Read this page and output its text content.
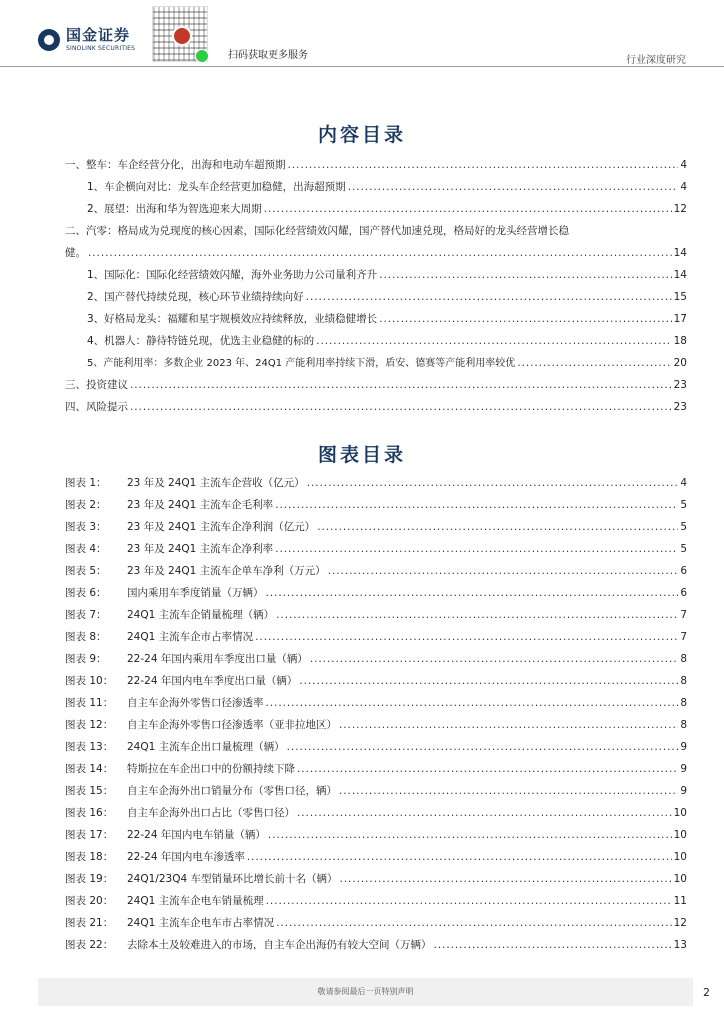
国金证券
SINOLINK SECURITIES
扫码获取更多服务	行业深度研究
内容目录
一、整车：车企经营分化，出海和电动车超预期 . . .	4
1、车企横向对比：龙头车企经营更加稳健，出海超预期 . . .	4
2、展望：出海和华为智选迎来大周期 . . .	12
二、汽零：格局成为兑现度的核心因素，国际化经营绩效闪耀，国产替代加速兑现，格局好的龙头经营增长稳
健。 . . .	14
1、国际化：国际化经营绩效闪耀，海外业务助力公司量利齐升 . . .	14
2、国产替代持续兑现，核心环节业绩持续向好 . . .	15
3、好格局龙头：福耀和星宇规模效应持续释放，业绩稳健增长 . . .	17
4、机器人：静待特链兑现，优选主业稳健的标的 . . .	18
5、产能利用率：多数企业 2023 年、24Q1 产能利用率持续下滑，盾安、德赛等产能利用率较优 . . .	20
三、投资建议 . . .	23
四、风险提示 . . .	23
图表目录
图表 1： 23 年及 24Q1 主流车企营收（亿元） . . .	4
图表 2： 23 年及 24Q1 主流车企毛利率 . . .	5
图表 3： 23 年及 24Q1 主流车企净利润（亿元） . . .	5
图表 4： 23 年及 24Q1 主流车企净利率 . . .	5
图表 5： 23 年及 24Q1 主流车企单车净利（万元） . . .	6
图表 6： 国内乘用车季度销量（万辆） . . .	6
图表 7： 24Q1 主流车企销量梳理（辆） . . .	7
图表 8： 24Q1 主流车企市占率情况 . . .	7
图表 9： 22-24 年国内乘用车季度出口量（辆） . . .	8
图表 10： 22-24 年国内电车季度出口量（辆） . . .	8
图表 11： 自主车企海外零售口径渗透率 . . .	8
图表 12： 自主车企海外零售口径渗透率（亚非拉地区） . . .	8
图表 13： 24Q1 主流车企出口量梳理（辆） . . .	9
图表 14： 特斯拉在车企出口中的份额持续下降 . . .	9
图表 15： 自主车企海外出口销量分布（零售口径，辆） . . .	9
图表 16： 自主车企海外出口占比（零售口径） . . .	10
图表 17： 22-24 年国内电车销量（辆） . . .	10
图表 18： 22-24 年国内电车渗透率 . . .	10
图表 19： 24Q1/23Q4 车型销量环比增长前十名（辆） . . .	10
图表 20： 24Q1 主流车企电车销量梳理 . . .	11
图表 21： 24Q1 主流车企电车市占率情况 . . .	12
图表 22： 去除本土及较难进入的市场，自主车企出海仍有较大空间（万辆） . . .	13
敬请参阅最后一页特别声明	2
